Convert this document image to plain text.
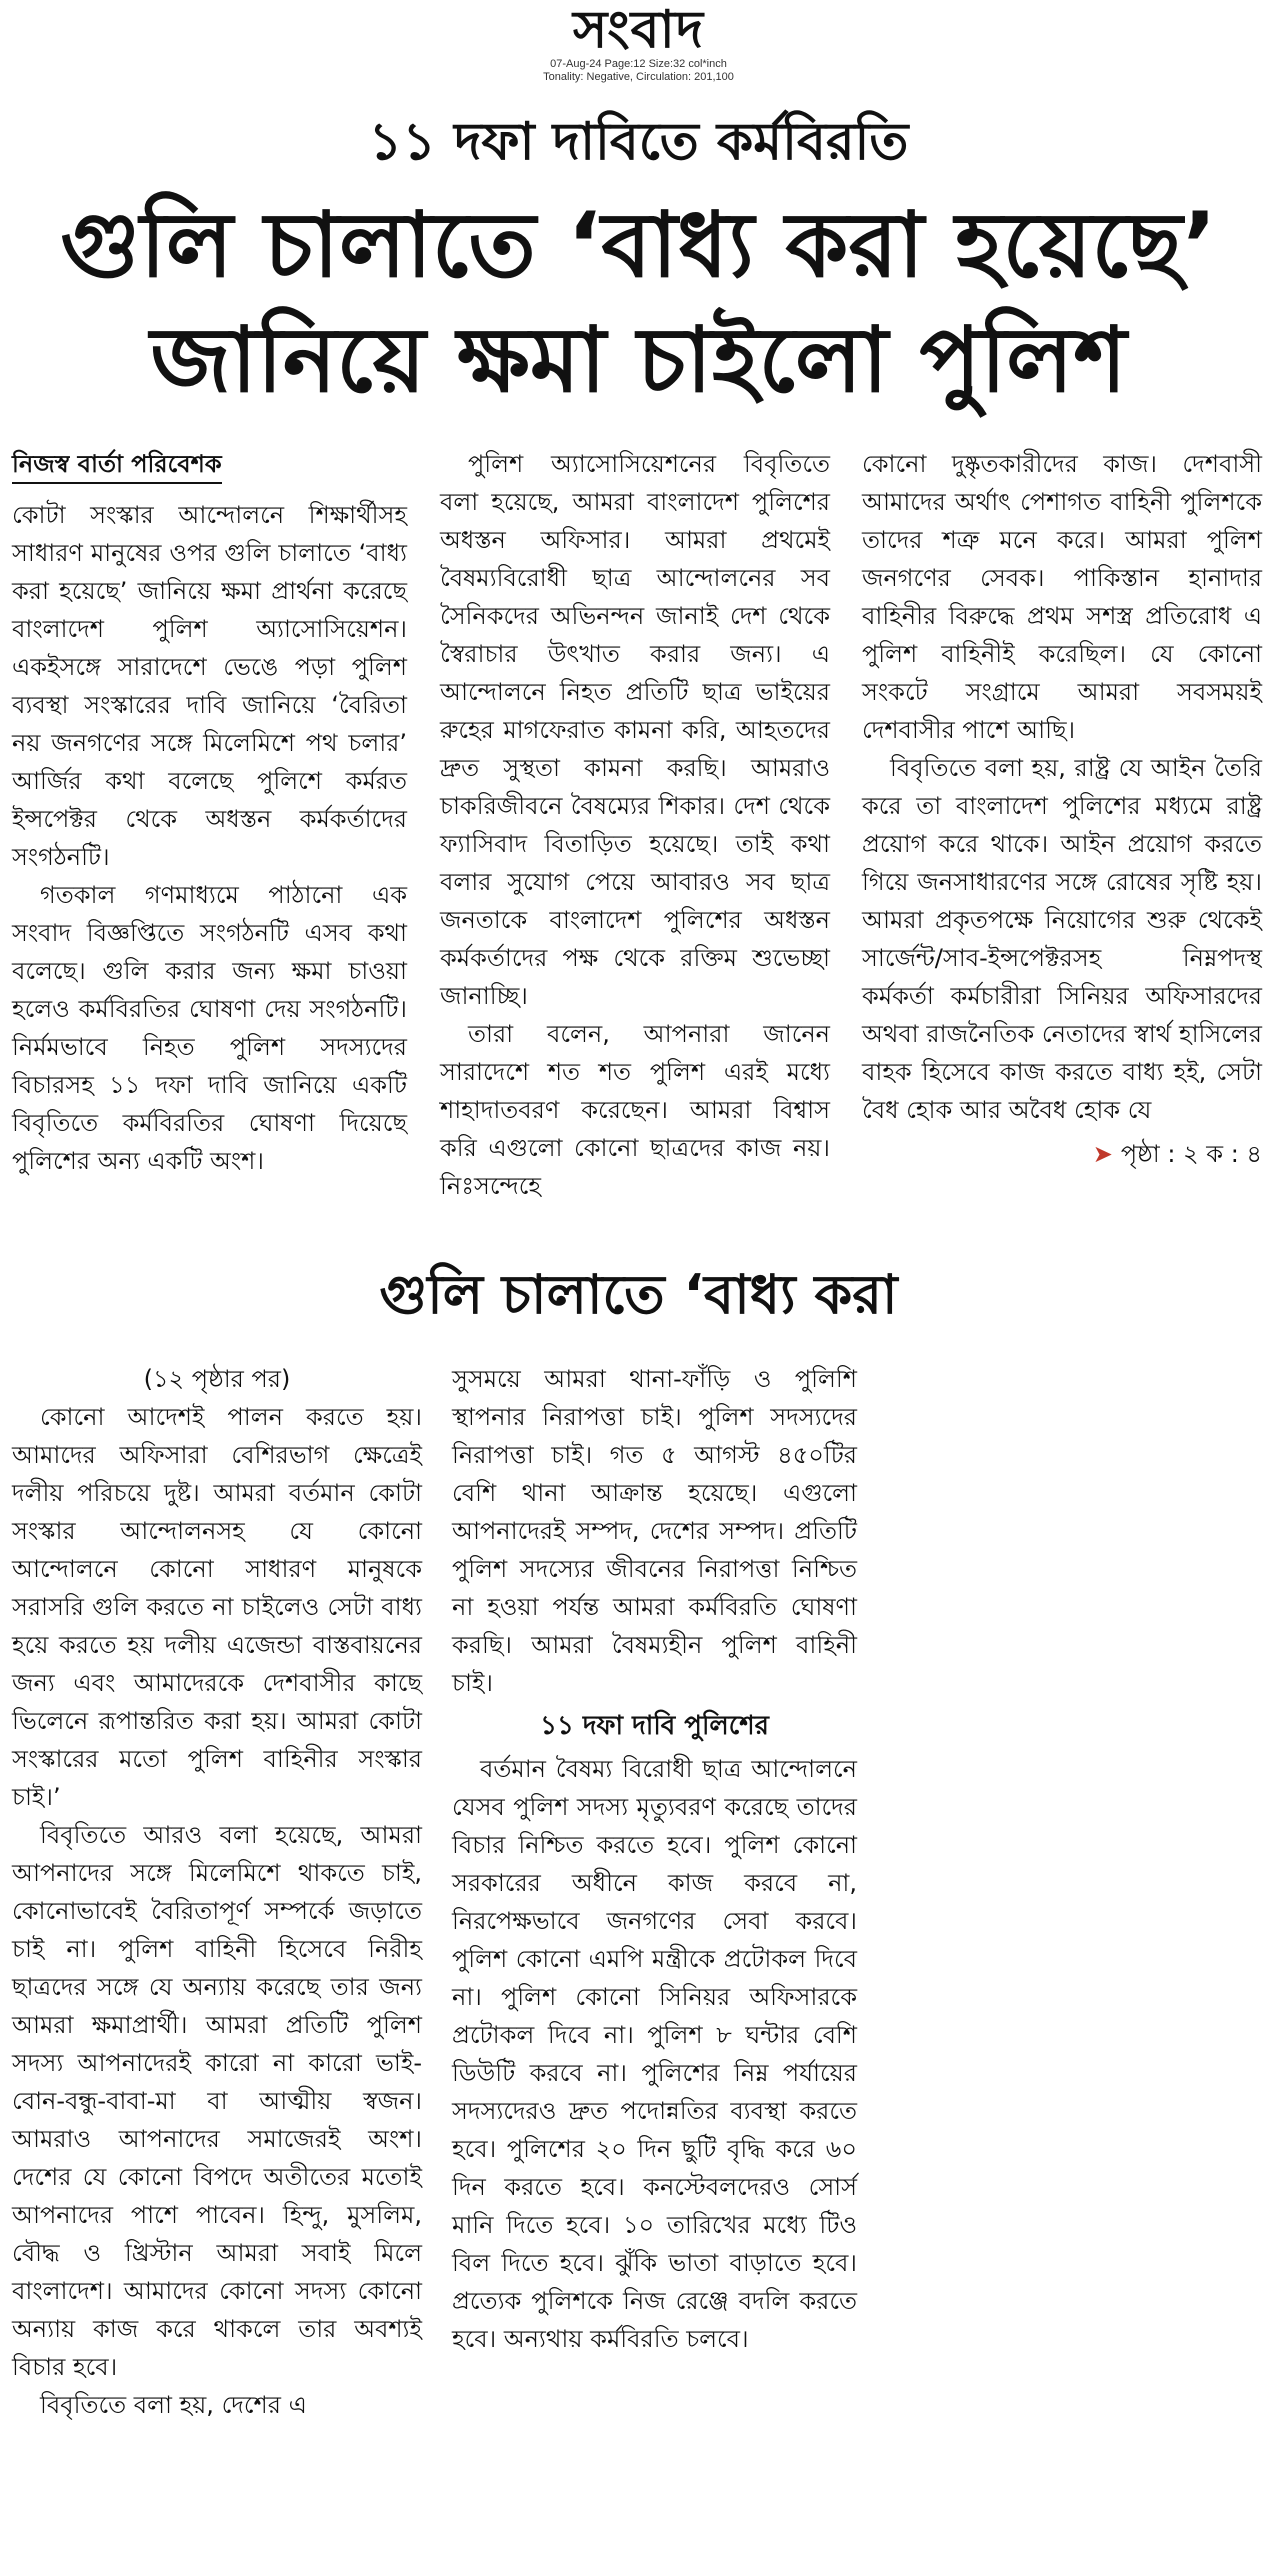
সংবাদ
07-Aug-24 Page:12 Size:32 col*inch
Tonality: Negative, Circulation: 201,100
১১ দফা দাবিতে কর্মবিরতি
গুলি চালাতে ‘বাধ্য করা হয়েছে’
জানিয়ে ক্ষমা চাইলো পুলিশ
নিজস্ব বার্তা পরিবেশক

কোটা সংস্কার আন্দোলনে শিক্ষার্থীসহ সাধারণ মানুষের ওপর গুলি চালাতে ‘বাধ্য করা হয়েছে’ জানিয়ে ক্ষমা প্রার্থনা করেছে বাংলাদেশ পুলিশ অ্যাসোসিয়েশন। একইসঙ্গে সারাদেশে ভেঙে পড়া পুলিশ ব্যবস্থা সংস্কারের দাবি জানিয়ে ‘বৈরিতা নয় জনগণের সঙ্গে মিলেমিশে পথ চলার’ আর্জির কথা বলেছে পুলিশে কর্মরত ইন্সপেক্টর থেকে অধস্তন কর্মকর্তাদের সংগঠনটি।

গতকাল গণমাধ্যমে পাঠানো এক সংবাদ বিজ্ঞপ্তিতে সংগঠনটি এসব কথা বলেছে। গুলি করার জন্য ক্ষমা চাওয়া হলেও কর্মবিরতির ঘোষণা দেয় সংগঠনটি। নির্মমভাবে নিহত পুলিশ সদস্যদের বিচারসহ ১১ দফা দাবি জানিয়ে একটি বিবৃতিতে কর্মবিরতির ঘোষণা দিয়েছে পুলিশের অন্য একটি অংশ।

পুলিশ অ্যাসোসিয়েশনের বিবৃতিতে বলা হয়েছে, আমরা বাংলাদেশ পুলিশের অধস্তন অফিসার। আমরা প্রথমেই বৈষম্যবিরোধী ছাত্র আন্দোলনের সব সৈনিকদের অভিনন্দন জানাই দেশ থেকে স্বৈরাচার উৎখাত করার জন্য। এ আন্দোলনে নিহত প্রতিটি ছাত্র ভাইয়ের রুহের মাগফেরাত কামনা করি, আহতদের দ্রুত সুস্থতা কামনা করছি। আমরাও চাকরিজীবনে বৈষম্যের শিকার। দেশ থেকে ফ্যাসিবাদ বিতাড়িত হয়েছে। তাই কথা বলার সুযোগ পেয়ে আবারও সব ছাত্র জনতাকে বাংলাদেশ পুলিশের অধস্তন কর্মকর্তাদের পক্ষ থেকে রক্তিম শুভেচ্ছা জানাচ্ছি।

তারা বলেন, আপনারা জানেন সারাদেশে শত শত পুলিশ এরই মধ্যে শাহাদাতবরণ করেছেন। আমরা বিশ্বাস করি এগুলো কোনো ছাত্রদের কাজ নয়। নিঃসন্দেহে

কোনো দুষ্কৃতকারীদের কাজ। দেশবাসী আমাদের অর্থাৎ পেশাগত বাহিনী পুলিশকে তাদের শত্রু মনে করে। আমরা পুলিশ জনগণের সেবক। পাকিস্তান হানাদার বাহিনীর বিরুদ্ধে প্রথম সশস্ত্র প্রতিরোধ এ পুলিশ বাহিনীই করেছিল। যে কোনো সংকটে সংগ্রামে আমরা সবসময়ই দেশবাসীর পাশে আছি।

বিবৃতিতে বলা হয়, রাষ্ট্র যে আইন তৈরি করে তা বাংলাদেশ পুলিশের মধ্যমে রাষ্ট্র প্রয়োগ করে থাকে। আইন প্রয়োগ করতে গিয়ে জনসাধারণের সঙ্গে রোষের সৃষ্টি হয়। আমরা প্রকৃতপক্ষে নিয়োগের শুরু থেকেই সার্জেন্ট/সাব-ইন্সপেক্টরসহ নিম্নপদস্থ কর্মকর্তা কর্মচারীরা সিনিয়র অফিসারদের অথবা রাজনৈতিক নেতাদের স্বার্থ হাসিলের বাহক হিসেবে কাজ করতে বাধ্য হই, সেটা বৈধ হোক আর অবৈধ হোক যে

➤ পৃষ্ঠা : ২ ক : ৪
গুলি চালাতে ‘বাধ্য করা
(১২ পৃষ্ঠার পর)

কোনো আদেশই পালন করতে হয়। আমাদের অফিসারা বেশিরভাগ ক্ষেত্রেই দলীয় পরিচয়ে দুষ্ট। আমরা বর্তমান কোটা সংস্কার আন্দোলনসহ যে কোনো আন্দোলনে কোনো সাধারণ মানুষকে সরাসরি গুলি করতে না চাইলেও সেটা বাধ্য হয়ে করতে হয় দলীয় এজেন্ডা বাস্তবায়নের জন্য এবং আমাদেরকে দেশবাসীর কাছে ভিলেনে রূপান্তরিত করা হয়। আমরা কোটা সংস্কারের মতো পুলিশ বাহিনীর সংস্কার চাই।’

বিবৃতিতে আরও বলা হয়েছে, আমরা আপনাদের সঙ্গে মিলেমিশে থাকতে চাই, কোনোভাবেই বৈরিতাপূর্ণ সম্পর্কে জড়াতে চাই না। পুলিশ বাহিনী হিসেবে নিরীহ ছাত্রদের সঙ্গে যে অন্যায় করেছে তার জন্য আমরা ক্ষমাপ্রার্থী। আমরা প্রতিটি পুলিশ সদস্য আপনাদেরই কারো না কারো ভাই-বোন-বন্ধু-বাবা-মা বা আত্মীয় স্বজন। আমরাও আপনাদের সমাজেরই অংশ। দেশের যে কোনো বিপদে অতীতের মতোই আপনাদের পাশে পাবেন। হিন্দু, মুসলিম, বৌদ্ধ ও খ্রিস্টান আমরা সবাই মিলে বাংলাদেশ। আমাদের কোনো সদস্য কোনো অন্যায় কাজ করে থাকলে তার অবশ্যই বিচার হবে।

বিবৃতিতে বলা হয়, দেশের এ

সুসময়ে আমরা থানা-ফাঁড়ি ও পুলিশি স্থাপনার নিরাপত্তা চাই। পুলিশ সদস্যদের নিরাপত্তা চাই। গত ৫ আগস্ট ৪৫০টির বেশি থানা আক্রান্ত হয়েছে। এগুলো আপনাদেরই সম্পদ, দেশের সম্পদ। প্রতিটি পুলিশ সদস্যের জীবনের নিরাপত্তা নিশ্চিত না হওয়া পর্যন্ত আমরা কর্মবিরতি ঘোষণা করছি। আমরা বৈষম্যহীন পুলিশ বাহিনী চাই।

১১ দফা দাবি পুলিশের

বর্তমান বৈষম্য বিরোধী ছাত্র আন্দোলনে যেসব পুলিশ সদস্য মৃত্যুবরণ করেছে তাদের বিচার নিশ্চিত করতে হবে। পুলিশ কোনো সরকারের অধীনে কাজ করবে না, নিরপেক্ষভাবে জনগণের সেবা করবে। পুলিশ কোনো এমপি মন্ত্রীকে প্রটোকল দিবে না। পুলিশ কোনো সিনিয়র অফিসারকে প্রটোকল দিবে না। পুলিশ ৮ ঘন্টার বেশি ডিউটি করবে না। পুলিশের নিম্ন পর্যায়ের সদস্যদেরও দ্রুত পদোন্নতির ব্যবস্থা করতে হবে। পুলিশের ২০ দিন ছুটি বৃদ্ধি করে ৬০ দিন করতে হবে। কনস্টেবলদেরও সোর্স মানি দিতে হবে। ১০ তারিখের মধ্যে টিও বিল দিতে হবে। ঝুঁকি ভাতা বাড়াতে হবে। প্রত্যেক পুলিশকে নিজ রেঞ্জে বদলি করতে হবে। অন্যথায় কর্মবিরতি চলবে।
